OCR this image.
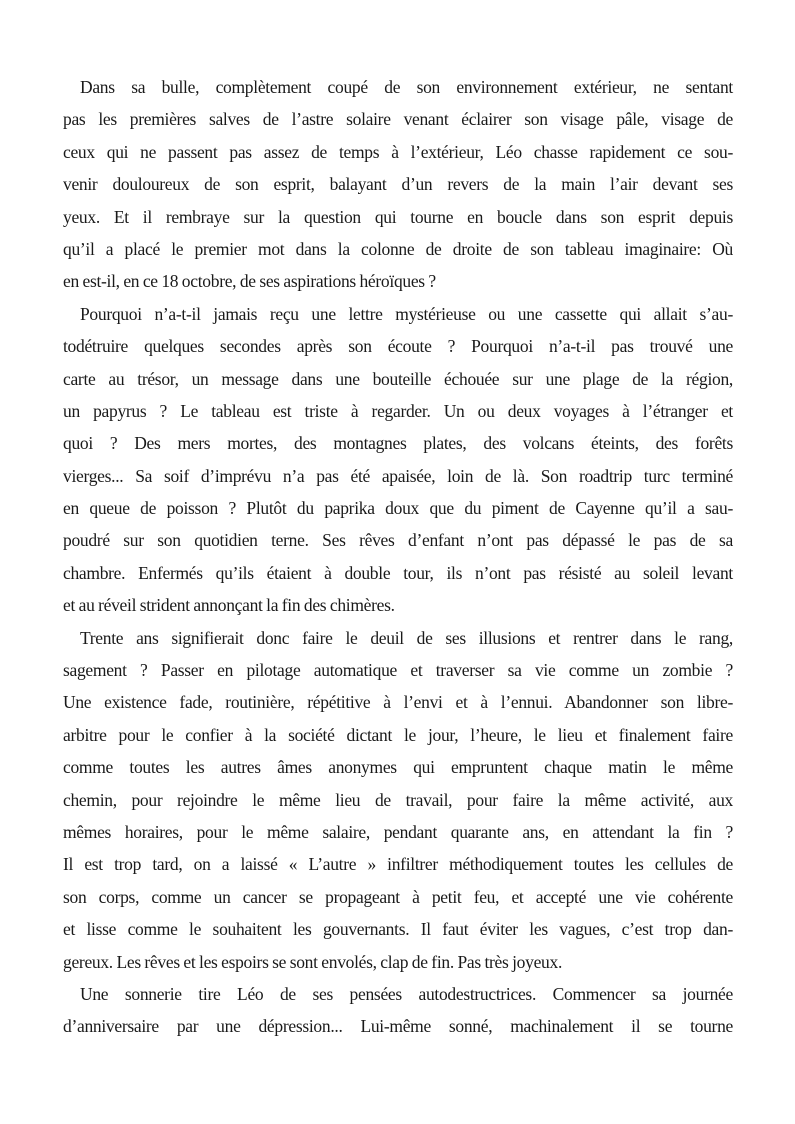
Dans sa bulle, complètement coupé de son environnement extérieur, ne sentant
pas les premières salves de l’astre solaire venant éclairer son visage pâle, visage de
ceux qui ne passent pas assez de temps à l’extérieur, Léo chasse rapidement ce sou-
venir douloureux de son esprit, balayant d’un revers de la main l’air devant ses
yeux. Et il rembraye sur la question qui tourne en boucle dans son esprit depuis
qu’il a placé le premier mot dans la colonne de droite de son tableau imaginaire: Où
en est-il, en ce 18 octobre, de ses aspirations héroïques ?
Pourquoi n’a-t-il jamais reçu une lettre mystérieuse ou une cassette qui allait s’au-
todétruire quelques secondes après son écoute ? Pourquoi n’a-t-il pas trouvé une
carte au trésor, un message dans une bouteille échouée sur une plage de la région,
un papyrus ? Le tableau est triste à regarder. Un ou deux voyages à l’étranger et
quoi ? Des mers mortes, des montagnes plates, des volcans éteints, des forêts
vierges... Sa soif d’imprévu n’a pas été apaisée, loin de là. Son roadtrip turc terminé
en queue de poisson ? Plutôt du paprika doux que du piment de Cayenne qu’il a sau-
poudré sur son quotidien terne. Ses rêves d’enfant n’ont pas dépassé le pas de sa
chambre. Enfermés qu’ils étaient à double tour, ils n’ont pas résisté au soleil levant
et au réveil strident annonçant la fin des chimères.
Trente ans signifierait donc faire le deuil de ses illusions et rentrer dans le rang,
sagement ? Passer en pilotage automatique et traverser sa vie comme un zombie ?
Une existence fade, routinière, répétitive à l’envi et à l’ennui. Abandonner son libre-
arbitre pour le confier à la société dictant le jour, l’heure, le lieu et finalement faire
comme toutes les autres âmes anonymes qui empruntent chaque matin le même
chemin, pour rejoindre le même lieu de travail, pour faire la même activité, aux
mêmes horaires, pour le même salaire, pendant quarante ans, en attendant la fin ?
Il est trop tard, on a laissé « L’autre » infiltrer méthodiquement toutes les cellules de
son corps, comme un cancer se propageant à petit feu, et accepté une vie cohérente
et lisse comme le souhaitent les gouvernants. Il faut éviter les vagues, c’est trop dan-
gereux. Les rêves et les espoirs se sont envolés, clap de fin. Pas très joyeux.
Une sonnerie tire Léo de ses pensées autodestructrices. Commencer sa journée
d’anniversaire par une dépression... Lui-même sonné, machinalement il se tourne
